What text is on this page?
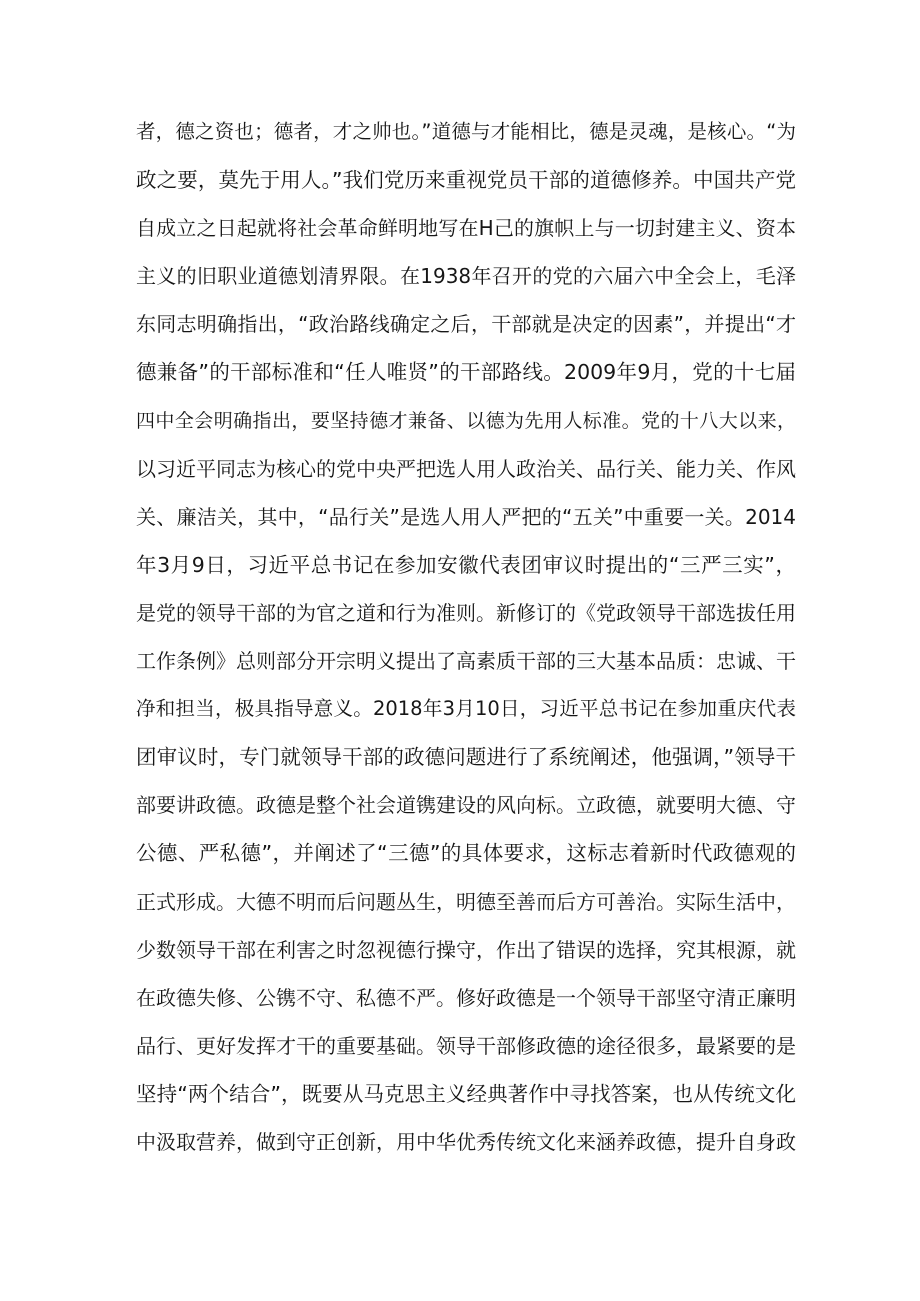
者，德之资也；德者，才之帅也。”道德与才能相比，德是灵魂，是核心。“为
政之要，莫先于用人。”我们党历来重视党员干部的道德修养。中国共产党
自成立之日起就将社会革命鲜明地写在H己的旗帜上与一切封建主义、资本
主义的旧职业道德划清界限。在1938年召开的党的六届六中全会上，毛泽
东同志明确指出，“政治路线确定之后，干部就是决定的因素”，并提出“才
德兼备”的干部标准和“任人唯贤”的干部路线。2009年9月，党的十七届
四中全会明确指出，要坚持德才兼备、以德为先用人标准。党的十八大以来，
以习近平同志为核心的党中央严把选人用人政治关、品行关、能力关、作风
关、廉洁关，其中，“品行关”是选人用人严把的“五关”中重要一关。2014
年3月9日，习近平总书记在参加安徽代表团审议时提出的“三严三实”，
是党的领导干部的为官之道和行为准则。新修订的《党政领导干部选拔任用
工作条例》总则部分开宗明义提出了高素质干部的三大基本品质：忠诚、干
净和担当，极具指导意义。2018年3月10日，习近平总书记在参加重庆代表
团审议时，专门就领导干部的政德问题进行了系统阐述，他强调，”领导干
部要讲政德。政德是整个社会道镌建设的风向标。立政德，就要明大德、守
公德、严私德”，并阐述了“三德”的具体要求，这标志着新时代政德观的
正式形成。大德不明而后问题丛生，明德至善而后方可善治。实际生活中，
少数领导干部在利害之时忽视德行操守，作出了错误的选择，究其根源，就
在政德失修、公镌不守、私德不严。修好政德是一个领导干部坚守清正廉明
品行、更好发挥才干的重要基础。领导干部修政德的途径很多，最紧要的是
坚持“两个结合”，既要从马克思主义经典著作中寻找答案，也从传统文化
中汲取营养，做到守正创新，用中华优秀传统文化来涵养政德，提升自身政
